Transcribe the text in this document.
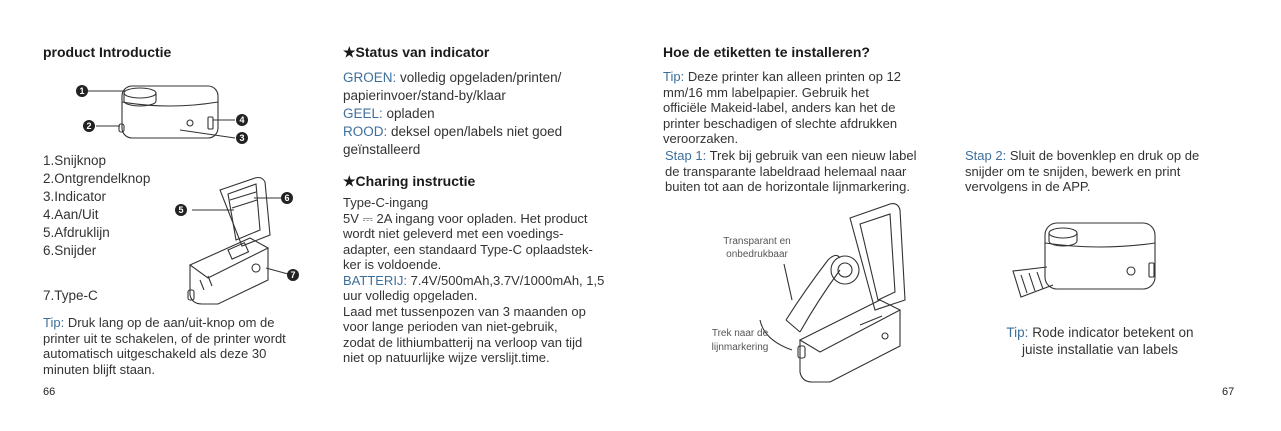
product Introductie
1
2
4
3
1.Snijknop
2.Ontgrendelknop
3.Indicator
4.Aan/Uit
5.Afdruklijn
6.Snijder
7.Type-C
5
6
7
Tip: Druk lang op de aan/uit-knop om de
printer uit te schakelen, of de printer wordt
automatisch uitgeschakeld als deze 30
minuten blijft staan.
66
★Status van indicator
GROEN: volledig opgeladen/printen/
papierinvoer/stand-by/klaar
GEEL: opladen
ROOD: deksel open/labels niet goed
geïnstalleerd
★Charing instructie
Type-C-ingang
5V ⎓ 2A ingang voor opladen. Het product
wordt niet geleverd met een voedings-
adapter, een standaard Type-C oplaadstek-
ker is voldoende.
BATTERIJ: 7.4V/500mAh,3.7V/1000mAh, 1,5
uur volledig opgeladen.
Laad met tussenpozen van 3 maanden op
voor lange perioden van niet-gebruik,
zodat de lithiumbatterij na verloop van tijd
niet op natuurlijke wijze verslijt.time.
Hoe de etiketten te installeren?
Tip: Deze printer kan alleen printen op 12
mm/16 mm labelpapier. Gebruik het
officiële Makeid-label, anders kan het de
printer beschadigen of slechte afdrukken
veroorzaken.
Stap 1: Trek bij gebruik van een nieuw label
de transparante labeldraad helemaal naar
buiten tot aan de horizontale lijnmarkering.
Stap 2: Sluit de bovenklep en druk op de
snijder om te snijden, bewerk en print
vervolgens in de APP.
Transparant en
onbedrukbaar
Trek naar de
lijnmarkering
Tip: Rode indicator betekent on
juiste installatie van labels
67
